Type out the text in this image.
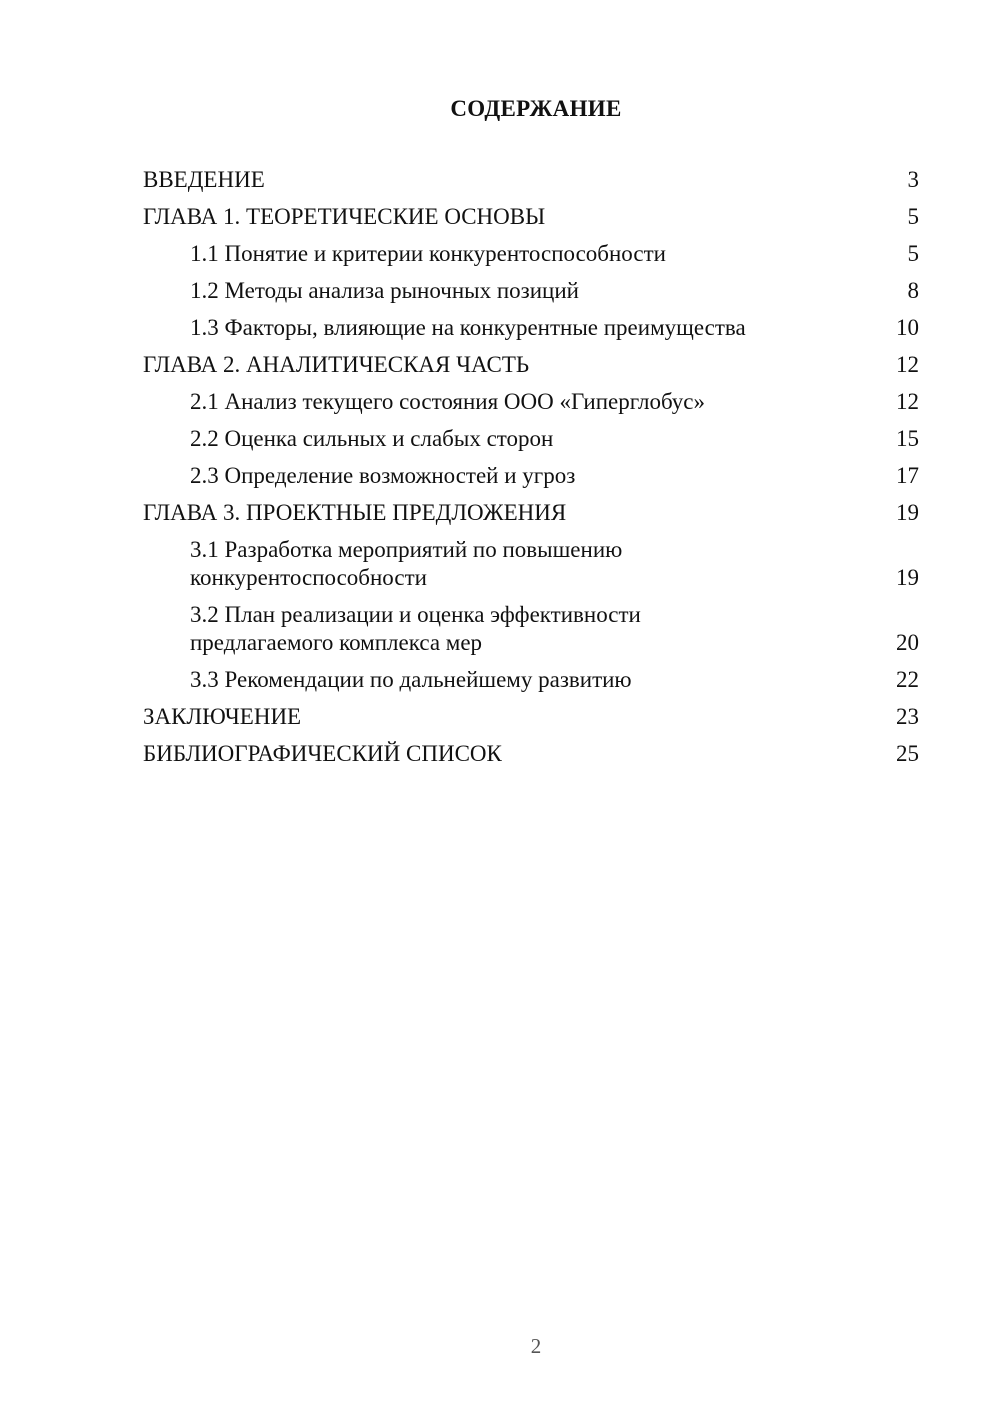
СОДЕРЖАНИЕ
ВВЕДЕНИЕ	3
ГЛАВА 1. ТЕОРЕТИЧЕСКИЕ ОСНОВЫ	5
1.1 Понятие и критерии конкурентоспособности	5
1.2 Методы анализа рыночных позиций	8
1.3 Факторы, влияющие на конкурентные преимущества	10
ГЛАВА 2. АНАЛИТИЧЕСКАЯ ЧАСТЬ	12
2.1 Анализ текущего состояния ООО «Гиперглобус»	12
2.2 Оценка сильных и слабых сторон	15
2.3 Определение возможностей и угроз	17
ГЛАВА 3. ПРОЕКТНЫЕ ПРЕДЛОЖЕНИЯ	19
3.1 Разработка мероприятий по повышению
конкурентоспособности	19
3.2 План реализации и оценка эффективности
предлагаемого комплекса мер	20
3.3 Рекомендации по дальнейшему развитию	22
ЗАКЛЮЧЕНИЕ	23
БИБЛИОГРАФИЧЕСКИЙ СПИСОК	25
2
